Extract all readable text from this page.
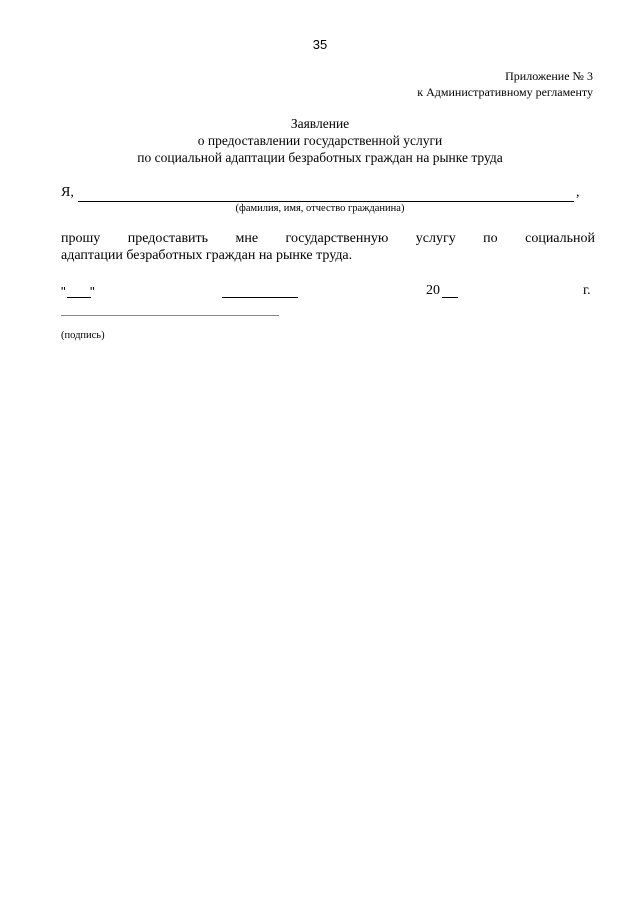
35
Приложение № 3
к Административному регламенту
Заявление
о предоставлении государственной услуги
по социальной адаптации безработных граждан на рынке труда
Я,	,
(фамилия, имя, отчество гражданина)
прошу предоставить мне государственную услугу по социальной
адаптации безработных граждан на рынке труда.
" "	20	г.
(подпись)
